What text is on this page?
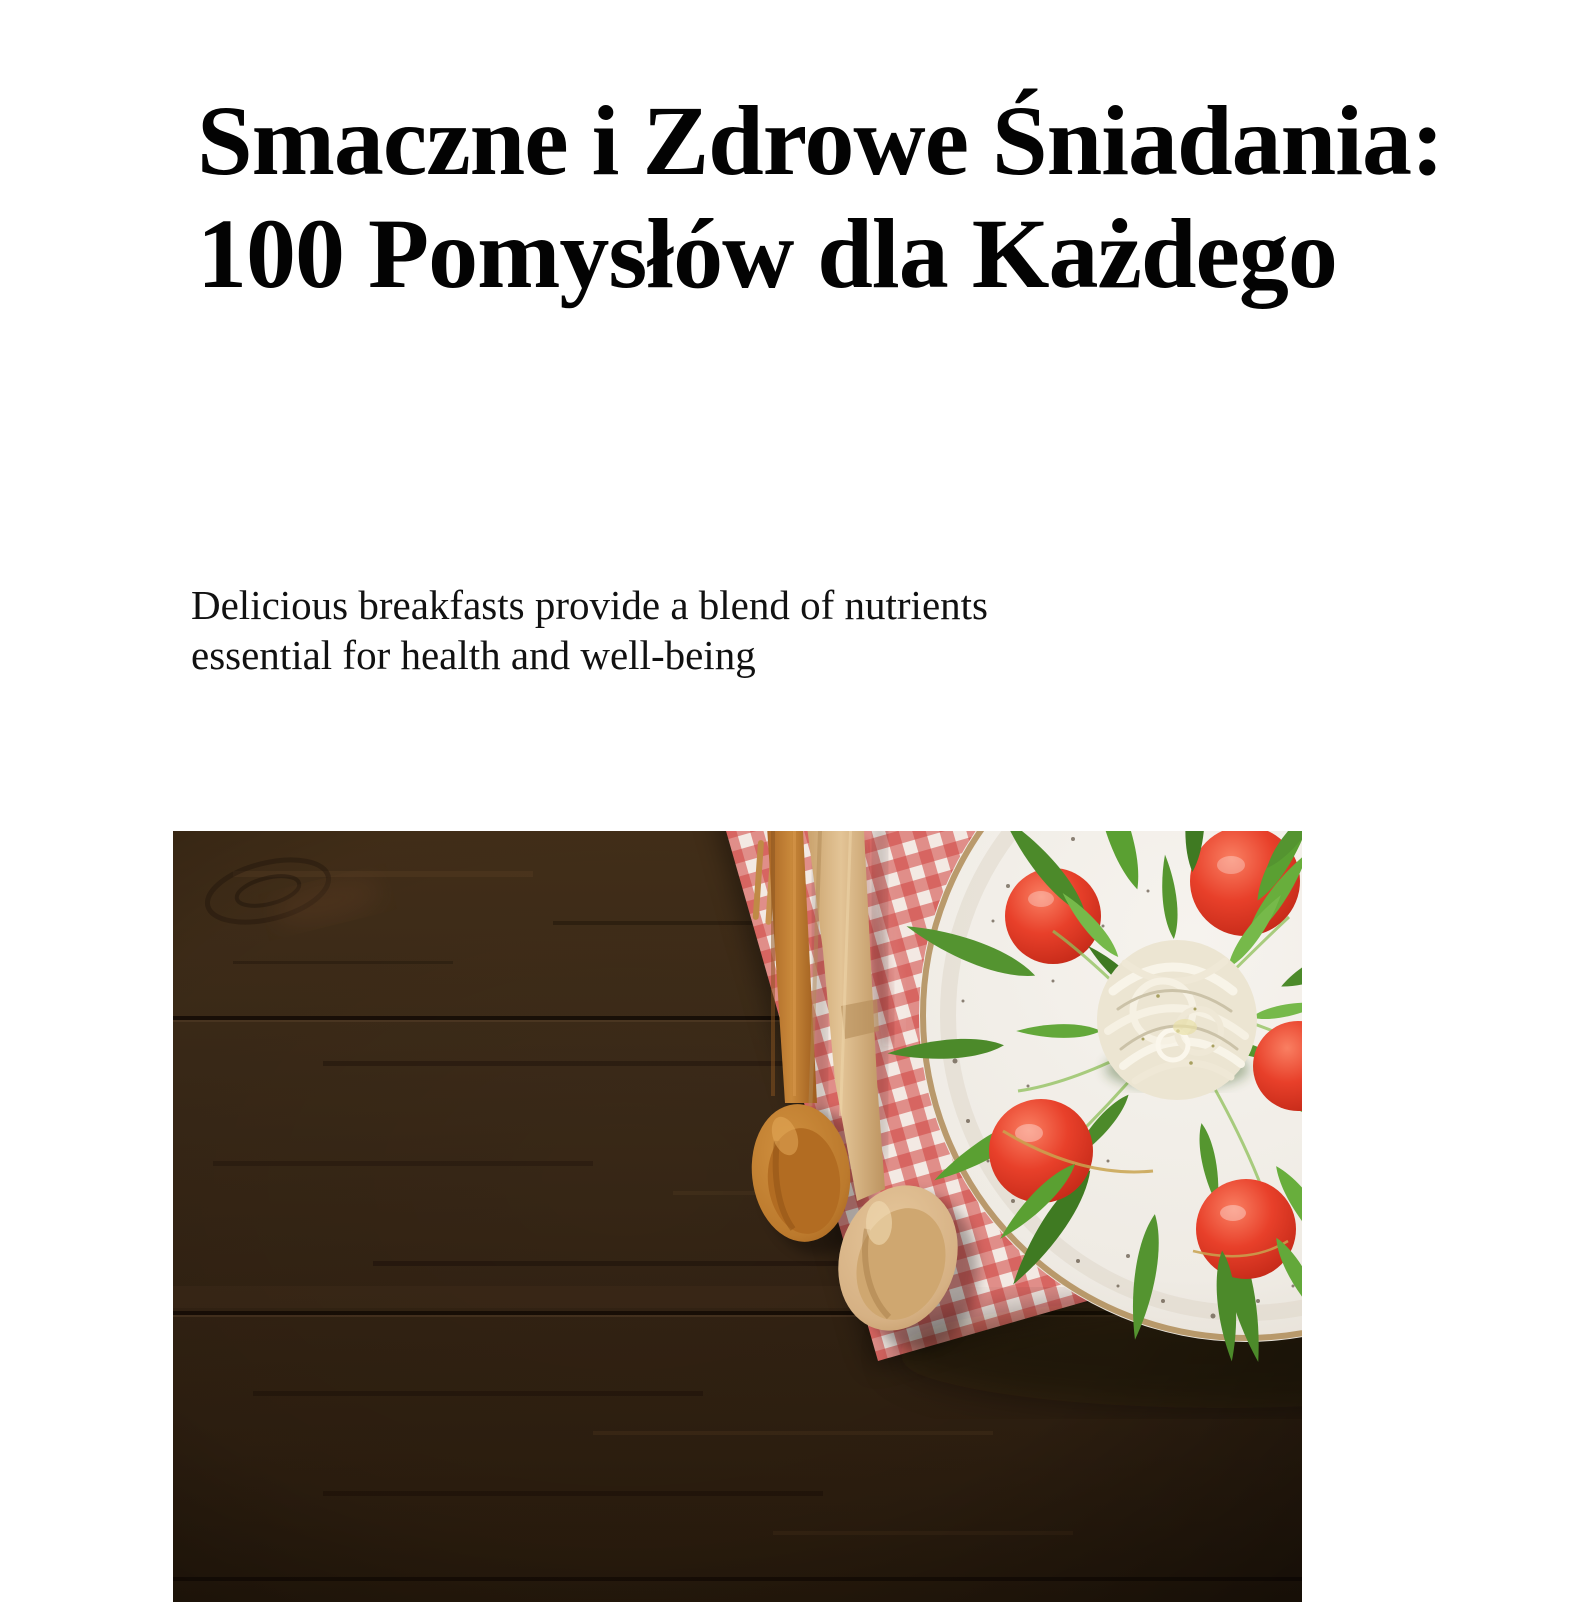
Smaczne i Zdrowe Śniadania:
100 Pomysłów dla Każdego
Delicious breakfasts provide a blend of nutrients
essential for health and well-being
